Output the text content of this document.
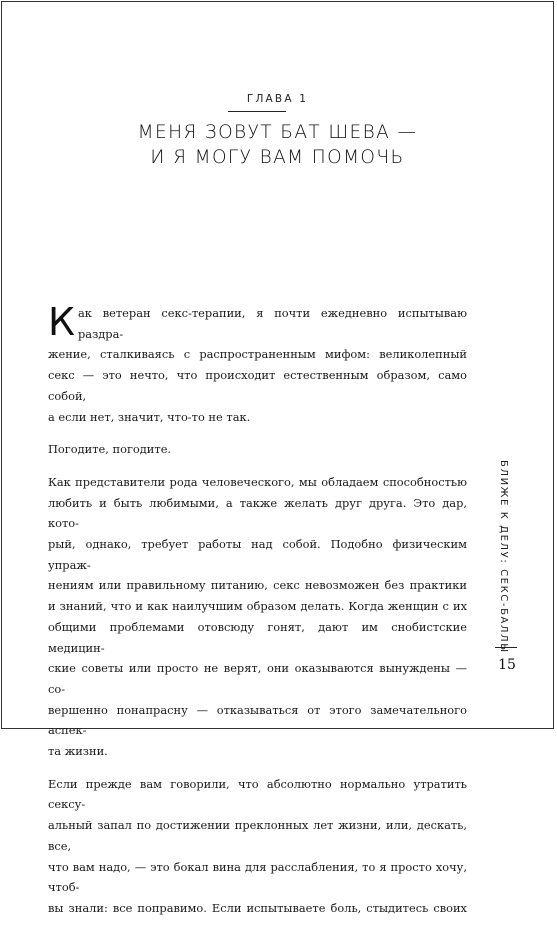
ГЛАВА 1
МЕНЯ ЗОВУТ БАТ ШЕВА —
И Я МОГУ ВАМ ПОМОЧЬ

К ак ветеран секс-терапии, я почти ежедневно испытываю раздра-
жение, сталкиваясь с распространенным мифом: великолепный
секс — это нечто, что происходит естественным образом, само собой,
а если нет, значит, что-то не так.

Погодите, погодите.

Как представители рода человеческого, мы обладаем способностью
любить и быть любимыми, а также желать друг друга. Это дар, кото-
рый, однако, требует работы над собой. Подобно физическим упраж-
нениям или правильному питанию, секс невозможен без практики
и знаний, что и как наилучшим образом делать. Когда женщин с их
общими проблемами отовсюду гонят, дают им снобистские медицин-
ские советы или просто не верят, они оказываются вынуждены — со-
вершенно понапрасну — отказываться от этого замечательного аспек-
та жизни.

Если прежде вам говорили, что абсолютно нормально утратить сексу-
альный запал по достижении преклонных лет жизни, или, дескать, все,
что вам надо, — это бокал вина для расслабления, то я просто хочу, чтоб-
вы знали: все поправимо. Если испытываете боль, стыдитесь своих

БЛИЖЕ К ДЕЛУ: СЕКС-БАЛЛЫ
15
